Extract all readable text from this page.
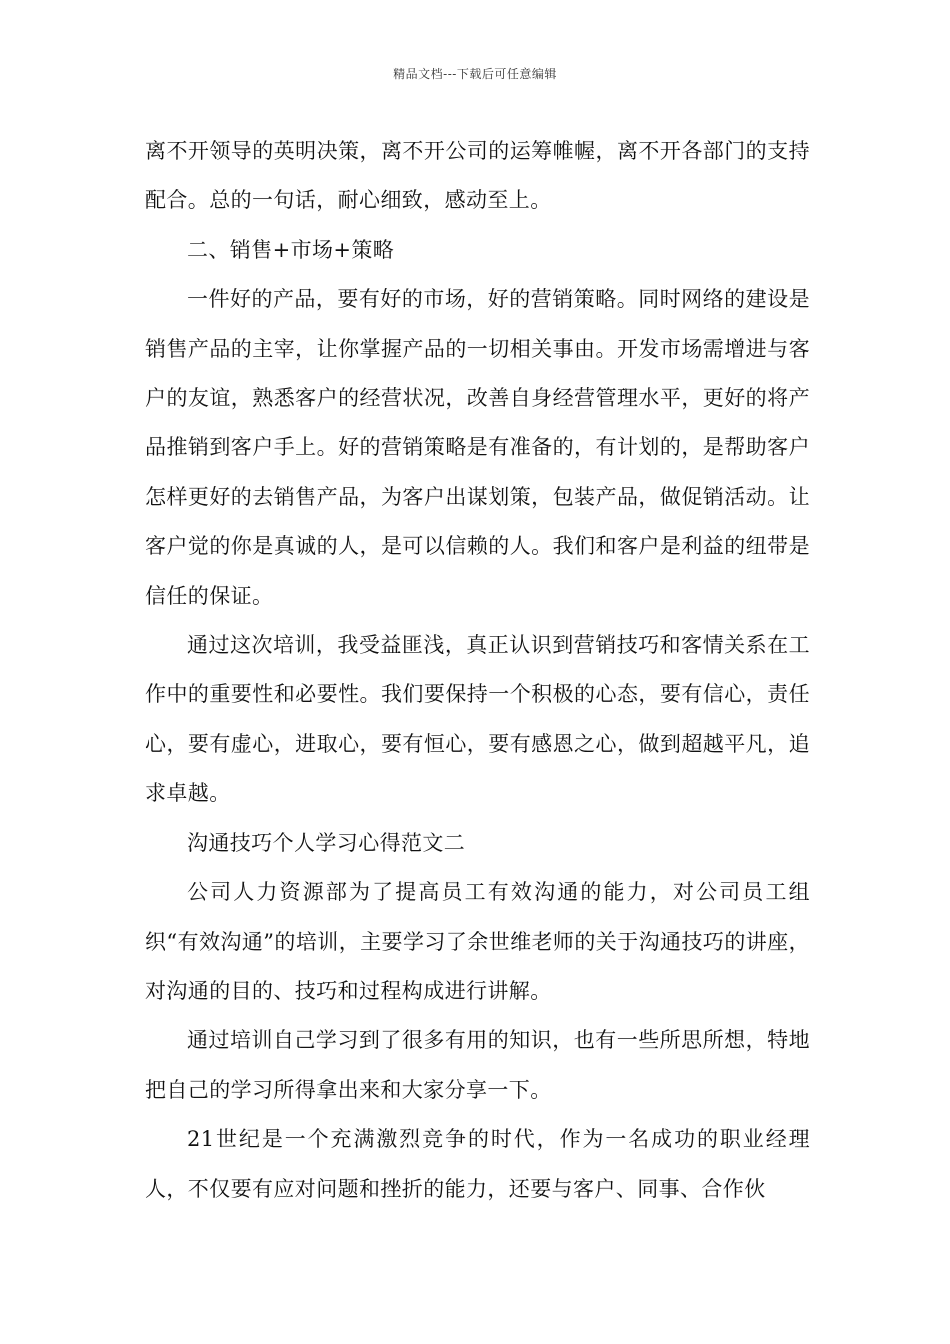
精品文档---下载后可任意编辑

离不开领导的英明决策，离不开公司的运筹帷幄，离不开各部门的支持配合。总的一句话，耐心细致，感动至上。

二、销售+市场+策略

一件好的产品，要有好的市场，好的营销策略。同时网络的建设是销售产品的主宰，让你掌握产品的一切相关事由。开发市场需增进与客户的友谊，熟悉客户的经营状况，改善自身经营管理水平，更好的将产品推销到客户手上。好的营销策略是有准备的，有计划的，是帮助客户怎样更好的去销售产品，为客户出谋划策，包装产品，做促销活动。让客户觉的你是真诚的人，是可以信赖的人。我们和客户是利益的纽带是信任的保证。

通过这次培训，我受益匪浅，真正认识到营销技巧和客情关系在工作中的重要性和必要性。我们要保持一个积极的心态，要有信心，责任心，要有虚心，进取心，要有恒心，要有感恩之心，做到超越平凡，追求卓越。

沟通技巧个人学习心得范文二

公司人力资源部为了提高员工有效沟通的能力，对公司员工组织“有效沟通”的培训，主要学习了余世维老师的关于沟通技巧的讲座，对沟通的目的、技巧和过程构成进行讲解。

通过培训自己学习到了很多有用的知识，也有一些所思所想，特地把自己的学习所得拿出来和大家分享一下。

21世纪是一个充满激烈竞争的时代，作为一名成功的职业经理人，不仅要有应对问题和挫折的能力，还要与客户、同事、合作伙
